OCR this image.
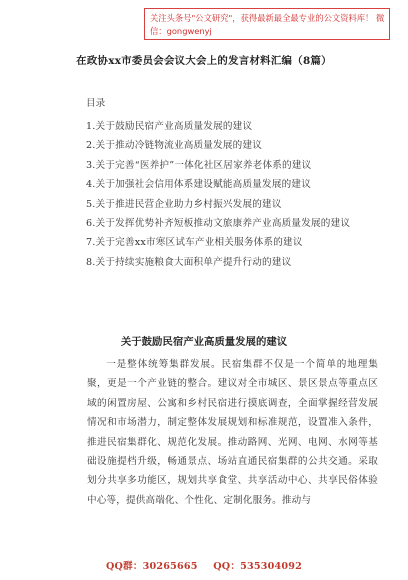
关注头条号"公文研究"，获得最新最全最专业的公文资料库！ 微信：gongwenyj
在政协xx市委员会会议大会上的发言材料汇编（8篇）
目录
1.关于鼓励民宿产业高质量发展的建议
2.关于推动冷链物流业高质量发展的建议
3.关于完善“医养护”一体化社区居家养老体系的建议
4.关于加强社会信用体系建设赋能高质量发展的建议
5.关于推进民营企业助力乡村振兴发展的建议
6.关于发挥优势补齐短板推动文旅康养产业高质量发展的建议
7.关于完善xx市寒区试车产业相关服务体系的建议
8.关于持续实施粮食大面积单产提升行动的建议
关于鼓励民宿产业高质量发展的建议

一是整体统筹集群发展。民宿集群不仅是一个简单的地理集聚，更是一个产业链的整合。建议对全市城区、景区景点等重点区域的闲置房屋、公寓和乡村民宿进行摸底调查，全面掌握经营发展情况和市场潜力，制定整体发展规划和标准规范，设置准入条件，推进民宿集群化、规范化发展。推动路网、光网、电网、水网等基础设施提档升级，畅通景点、场站直通民宿集群的公共交通。采取划分共享多功能区，规划共享食堂、共享活动中心、共享民俗体验中心等，提供高端化、个性化、定制化服务。推动与

QQ群：30265665 QQ：535304092
